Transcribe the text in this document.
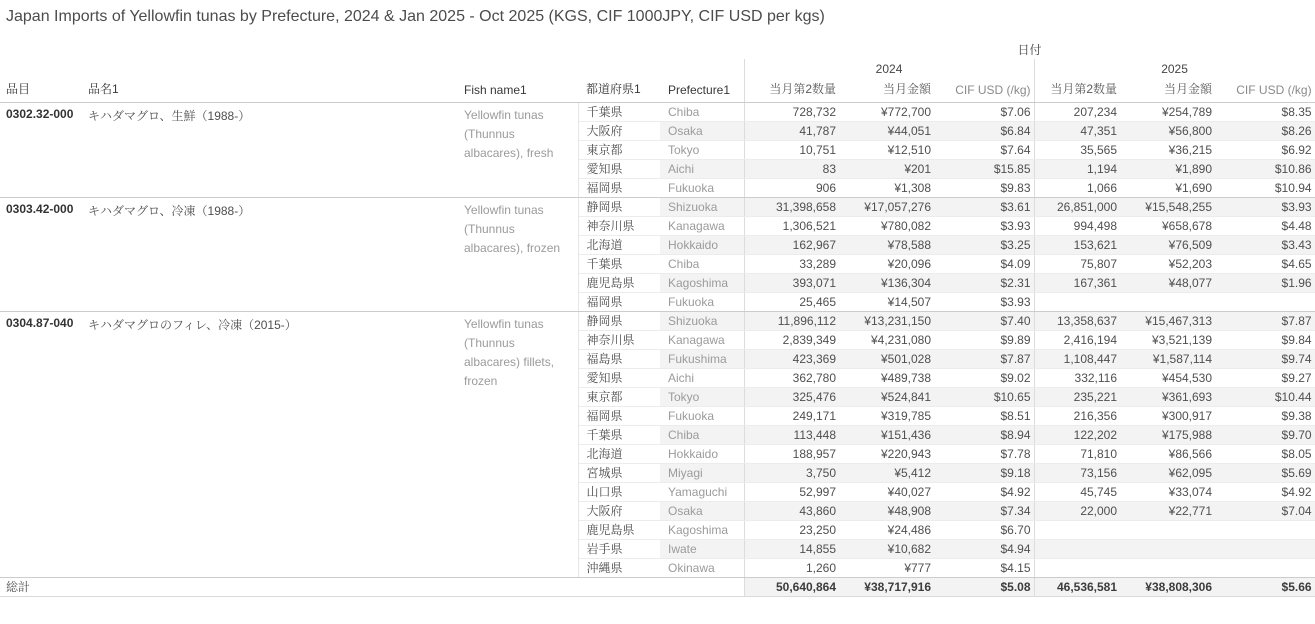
Japan Imports of Yellowfin tunas by Prefecture, 2024 & Jan 2025 - Oct 2025 (KGS, CIF 1000JPY, CIF USD per kgs)
					日付					
					2024			2025		
品目	品名1	Fish name1	都道府県1	Prefecture1	当月第2数量	当月金額	CIF USD (/kg)	当月第2数量	当月金額	CIF USD (/kg)
0302.32-000	キハダマグロ、生鮮（1988-）	Yellowfin tunas (Thunnus albacares), fresh	千葉県	Chiba	728,732	¥772,700	$7.06	207,234	¥254,789	$8.35
			大阪府	Osaka	41,787	¥44,051	$6.84	47,351	¥56,800	$8.26
			東京都	Tokyo	10,751	¥12,510	$7.64	35,565	¥36,215	$6.92
			愛知県	Aichi	83	¥201	$15.85	1,194	¥1,890	$10.86
			福岡県	Fukuoka	906	¥1,308	$9.83	1,066	¥1,690	$10.94
0303.42-000	キハダマグロ、冷凍（1988-）	Yellowfin tunas (Thunnus albacares), frozen	静岡県	Shizuoka	31,398,658	¥17,057,276	$3.61	26,851,000	¥15,548,255	$3.93
			神奈川県	Kanagawa	1,306,521	¥780,082	$3.93	994,498	¥658,678	$4.48
			北海道	Hokkaido	162,967	¥78,588	$3.25	153,621	¥76,509	$3.43
			千葉県	Chiba	33,289	¥20,096	$4.09	75,807	¥52,203	$4.65
			鹿児島県	Kagoshima	393,071	¥136,304	$2.31	167,361	¥48,077	$1.96
			福岡県	Fukuoka	25,465	¥14,507	$3.93			
0304.87-040	キハダマグロのフィレ、冷凍（2015-）	Yellowfin tunas (Thunnus albacares) fillets, frozen	静岡県	Shizuoka	11,896,112	¥13,231,150	$7.40	13,358,637	¥15,467,313	$7.87
			神奈川県	Kanagawa	2,839,349	¥4,231,080	$9.89	2,416,194	¥3,521,139	$9.84
			福島県	Fukushima	423,369	¥501,028	$7.87	1,108,447	¥1,587,114	$9.74
			愛知県	Aichi	362,780	¥489,738	$9.02	332,116	¥454,530	$9.27
			東京都	Tokyo	325,476	¥524,841	$10.65	235,221	¥361,693	$10.44
			福岡県	Fukuoka	249,171	¥319,785	$8.51	216,356	¥300,917	$9.38
			千葉県	Chiba	113,448	¥151,436	$8.94	122,202	¥175,988	$9.70
			北海道	Hokkaido	188,957	¥220,943	$7.78	71,810	¥86,566	$8.05
			宮城県	Miyagi	3,750	¥5,412	$9.18	73,156	¥62,095	$5.69
			山口県	Yamaguchi	52,997	¥40,027	$4.92	45,745	¥33,074	$4.92
			大阪府	Osaka	43,860	¥48,908	$7.34	22,000	¥22,771	$7.04
			鹿児島県	Kagoshima	23,250	¥24,486	$6.70			
			岩手県	Iwate	14,855	¥10,682	$4.94			
			沖縄県	Okinawa	1,260	¥777	$4.15			
総計					50,640,864	¥38,717,916	$5.08	46,536,581	¥38,808,306	$5.66
